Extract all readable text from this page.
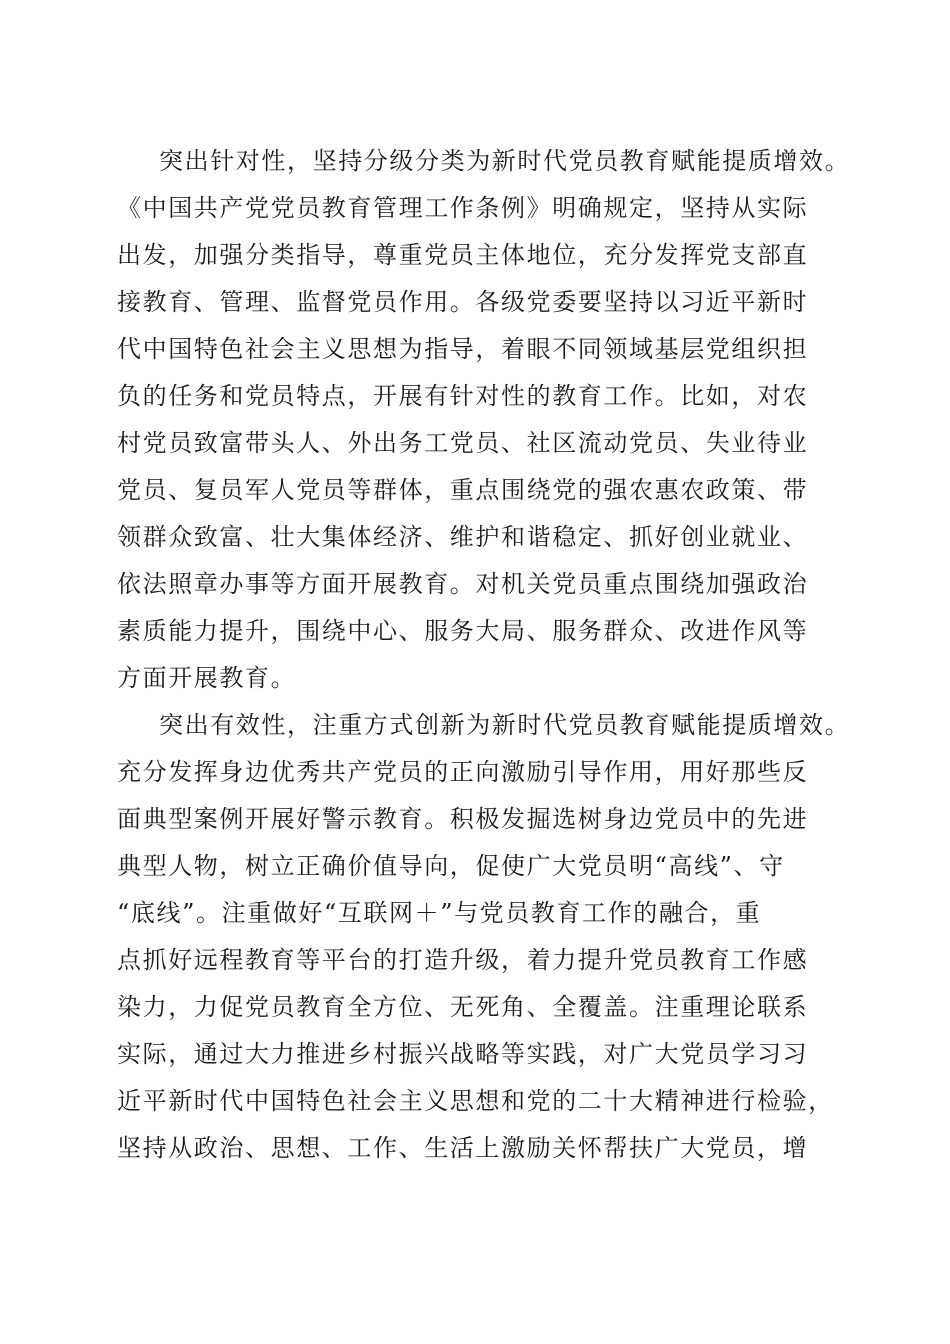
突出针对性，坚持分级分类为新时代党员教育赋能提质增效。
《中国共产党党员教育管理工作条例》明确规定，坚持从实际
出发，加强分类指导，尊重党员主体地位，充分发挥党支部直
接教育、管理、监督党员作用。各级党委要坚持以习近平新时
代中国特色社会主义思想为指导，着眼不同领域基层党组织担
负的任务和党员特点，开展有针对性的教育工作。比如，对农
村党员致富带头人、外出务工党员、社区流动党员、失业待业
党员、复员军人党员等群体，重点围绕党的强农惠农政策、带
领群众致富、壮大集体经济、维护和谐稳定、抓好创业就业、
依法照章办事等方面开展教育。对机关党员重点围绕加强政治
素质能力提升，围绕中心、服务大局、服务群众、改进作风等
方面开展教育。
突出有效性，注重方式创新为新时代党员教育赋能提质增效。
充分发挥身边优秀共产党员的正向激励引导作用，用好那些反
面典型案例开展好警示教育。积极发掘选树身边党员中的先进
典型人物，树立正确价值导向，促使广大党员明“高线”、守
“底线”。注重做好“互联网＋”与党员教育工作的融合，重
点抓好远程教育等平台的打造升级，着力提升党员教育工作感
染力，力促党员教育全方位、无死角、全覆盖。注重理论联系
实际，通过大力推进乡村振兴战略等实践，对广大党员学习习
近平新时代中国特色社会主义思想和党的二十大精神进行检验，
坚持从政治、思想、工作、生活上激励关怀帮扶广大党员，增
